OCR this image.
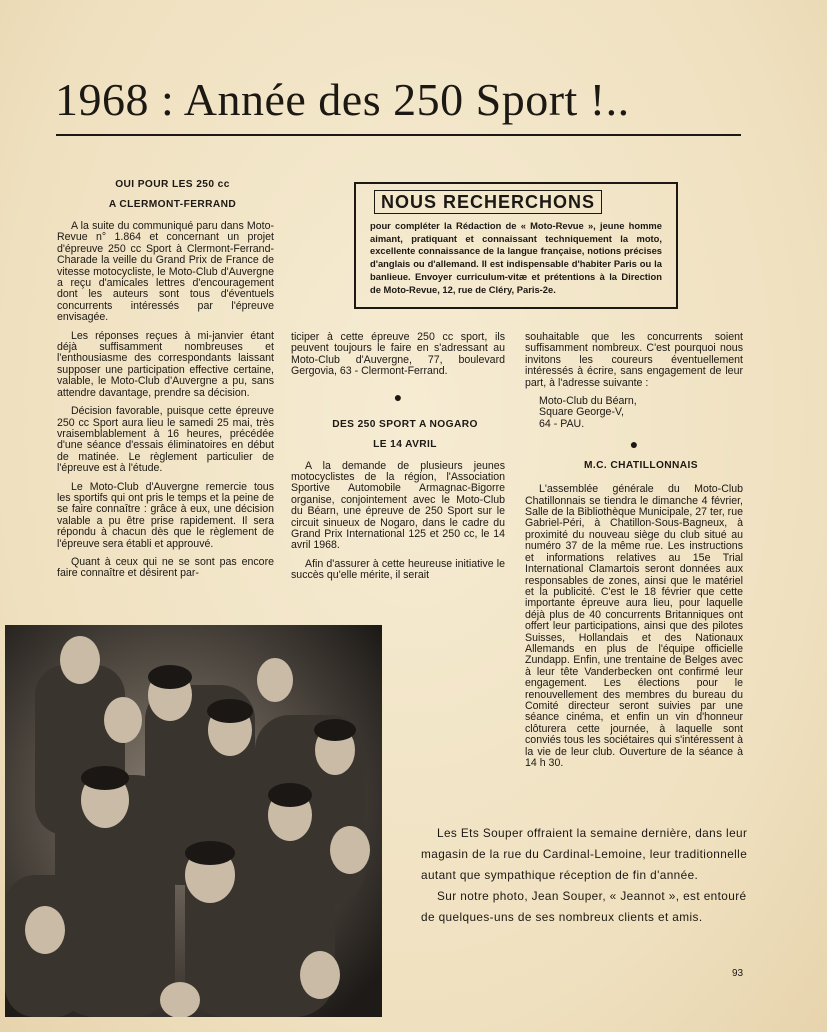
1968 : Année des 250 Sport !..

OUI POUR LES 250 cc

A CLERMONT-FERRAND

A la suite du communiqué paru dans Moto-Revue n° 1.864 et concernant un projet d'épreuve 250 cc Sport à Clermont-Ferrand-Charade la veille du Grand Prix de France de vitesse motocycliste, le Moto-Club d'Auvergne a reçu d'amicales lettres d'encouragement dont les auteurs sont tous d'éventuels concurrents intéressés par l'épreuve envisagée.

Les réponses reçues à mi-janvier étant déjà suffisamment nombreuses et l'enthousiasme des correspondants laissant supposer une participation effective certaine, valable, le Moto-Club d'Auvergne a pu, sans attendre davantage, prendre sa décision.

Décision favorable, puisque cette épreuve 250 cc Sport aura lieu le samedi 25 mai, très vraisemblablement à 16 heures, précédée d'une séance d'essais éliminatoires en début de matinée. Le règlement particulier de l'épreuve est à l'étude.

Le Moto-Club d'Auvergne remercie tous les sportifs qui ont pris le temps et la peine de se faire connaître : grâce à eux, une décision valable a pu être prise rapidement. Il sera répondu à chacun dès que le règlement de l'épreuve sera établi et approuvé.

Quant à ceux qui ne se sont pas encore faire connaître et désirent par-

NOUS RECHERCHONS
pour compléter la Rédaction de « Moto-Revue », jeune homme aimant, pratiquant et connaissant techniquement la moto, excellente connaissance de la langue française, notions précises d'anglais ou d'allemand. Il est indispensable d'habiter Paris ou la banlieue. Envoyer curriculum-vitæ et prétentions à la Direction de Moto-Revue, 12, rue de Cléry, Paris-2e.

ticiper à cette épreuve 250 cc sport, ils peuvent toujours le faire en s'adressant au Moto-Club d'Auvergne, 77, boulevard Gergovia, 63 - Clermont-Ferrand.

●

DES 250 SPORT A NOGARO

LE 14 AVRIL

A la demande de plusieurs jeunes motocyclistes de la région, l'Association Sportive Automobile Armagnac-Bigorre organise, conjointement avec le Moto-Club du Béarn, une épreuve de 250 Sport sur le circuit sinueux de Nogaro, dans le cadre du Grand Prix International 125 et 250 cc, le 14 avril 1968.

Afin d'assurer à cette heureuse initiative le succès qu'elle mérite, il serait

souhaitable que les concurrents soient suffisamment nombreux. C'est pourquoi nous invitons les coureurs éventuellement intéressés à écrire, sans engagement de leur part, à l'adresse suivante :

Moto-Club du Béarn,

Square George-V,

64 - PAU.

●

M.C. CHATILLONNAIS

L'assemblée générale du Moto-Club Chatillonnais se tiendra le dimanche 4 février, Salle de la Bibliothèque Municipale, 27 ter, rue Gabriel-Péri, à Chatillon-Sous-Bagneux, à proximité du nouveau siège du club situé au numéro 37 de la même rue. Les instructions et informations relatives au 15e Trial International Clamartois seront données aux responsables de zones, ainsi que le matériel et la publicité. C'est le 18 février que cette importante épreuve aura lieu, pour laquelle déjà plus de 40 concurrents Britanniques ont offert leur participations, ainsi que des pilotes Suisses, Hollandais et des Nationaux Allemands en plus de l'équipe officielle Zundapp. Enfin, une trentaine de Belges avec à leur tête Vanderbecken ont confirmé leur engagement. Les élections pour le renouvellement des membres du bureau du Comité directeur seront suivies par une séance cinéma, et enfin un vin d'honneur clôturera cette journée, à laquelle sont conviés tous les sociétaires qui s'intéressent à la vie de leur club. Ouverture de la séance à 14 h 30.

Les Ets Souper offraient la semaine dernière, dans leur magasin de la rue du Cardinal-Lemoine, leur traditionnelle autant que sympathique réception de fin d'année.

Sur notre photo, Jean Souper, « Jeannot », est entouré de quelques-uns de ses nombreux clients et amis.

93
